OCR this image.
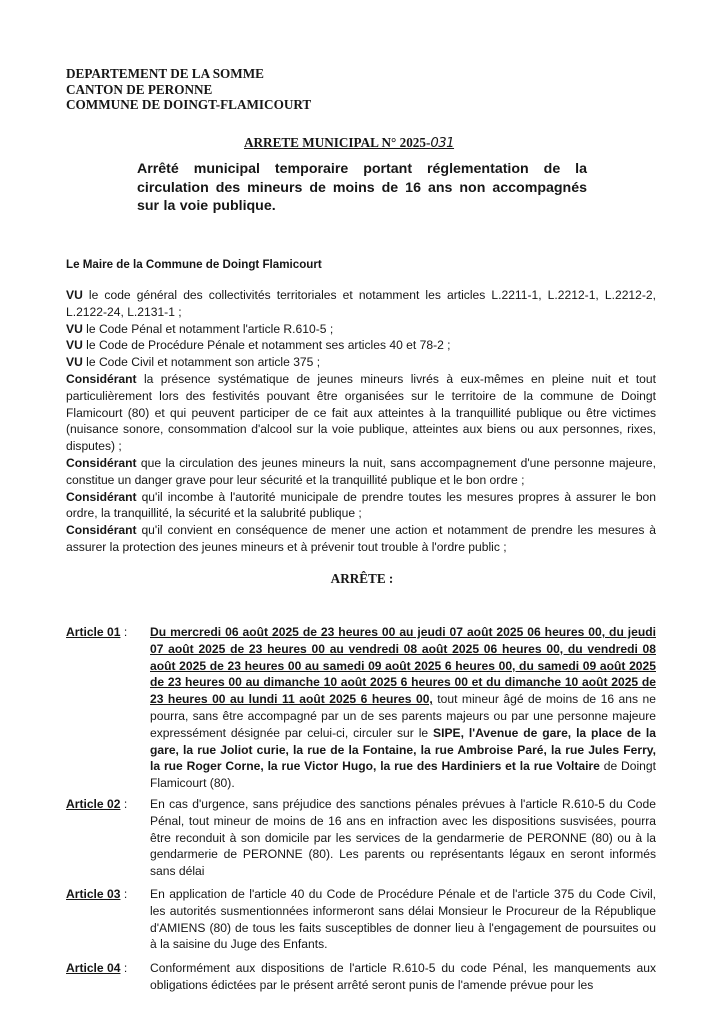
DEPARTEMENT DE LA SOMME
CANTON DE PERONNE
COMMUNE DE DOINGT-FLAMICOURT
ARRETE MUNICIPAL N° 2025-031
Arrêté municipal temporaire portant réglementation de la circulation des mineurs de moins de 16 ans non accompagnés sur la voie publique.
Le Maire de la Commune de Doingt Flamicourt

VU le code général des collectivités territoriales et notamment les articles L.2211-1, L.2212-1, L.2212-2, L.2122-24, L.2131-1 ;

VU le Code Pénal et notamment l'article R.610-5 ;

VU le Code de Procédure Pénale et notamment ses articles 40 et 78-2 ;

VU le Code Civil et notamment son article 375 ;

Considérant la présence systématique de jeunes mineurs livrés à eux-mêmes en pleine nuit et tout particulièrement lors des festivités pouvant être organisées sur le territoire de la commune de Doingt Flamicourt (80) et qui peuvent participer de ce fait aux atteintes à la tranquillité publique ou être victimes (nuisance sonore, consommation d'alcool sur la voie publique, atteintes aux biens ou aux personnes, rixes, disputes) ;

Considérant que la circulation des jeunes mineurs la nuit, sans accompagnement d'une personne majeure, constitue un danger grave pour leur sécurité et la tranquillité publique et le bon ordre ;

Considérant qu'il incombe à l'autorité municipale de prendre toutes les mesures propres à assurer le bon ordre, la tranquillité, la sécurité et la salubrité publique ;

Considérant qu'il convient en conséquence de mener une action et notamment de prendre les mesures à assurer la protection des jeunes mineurs et à prévenir tout trouble à l'ordre public ;

ARRÊTE :
Article 01 :	Du mercredi 06 août 2025 de 23 heures 00 au jeudi 07 août 2025 06 heures 00, du jeudi 07 août 2025 de 23 heures 00 au vendredi 08 août 2025 06 heures 00, du vendredi 08 août 2025 de 23 heures 00 au samedi 09 août 2025 6 heures 00, du samedi 09 août 2025 de 23 heures 00 au dimanche 10 août 2025 6 heures 00 et du dimanche 10 août 2025 de 23 heures 00 au lundi 11 août 2025 6 heures 00, tout mineur âgé de moins de 16 ans ne pourra, sans être accompagné par un de ses parents majeurs ou par une personne majeure expressément désignée par celui-ci, circuler sur le SIPE, l'Avenue de gare, la place de la gare, la rue Joliot curie, la rue de la Fontaine, la rue Ambroise Paré, la rue Jules Ferry, la rue Roger Corne, la rue Victor Hugo, la rue des Hardiniers et la rue Voltaire de Doingt Flamicourt (80).
Article 02 :	En cas d'urgence, sans préjudice des sanctions pénales prévues à l'article R.610-5 du Code Pénal, tout mineur de moins de 16 ans en infraction avec les dispositions susvisées, pourra être reconduit à son domicile par les services de la gendarmerie de PERONNE (80) ou à la gendarmerie de PERONNE (80). Les parents ou représentants légaux en seront informés sans délai
Article 03 :	En application de l'article 40 du Code de Procédure Pénale et de l'article 375 du Code Civil, les autorités susmentionnées informeront sans délai Monsieur le Procureur de la République d'AMIENS (80) de tous les faits susceptibles de donner lieu à l'engagement de poursuites ou à la saisine du Juge des Enfants.
Article 04 :	Conformément aux dispositions de l'article R.610-5 du code Pénal, les manquements aux obligations édictées par le présent arrêté seront punis de l'amende prévue pour les
